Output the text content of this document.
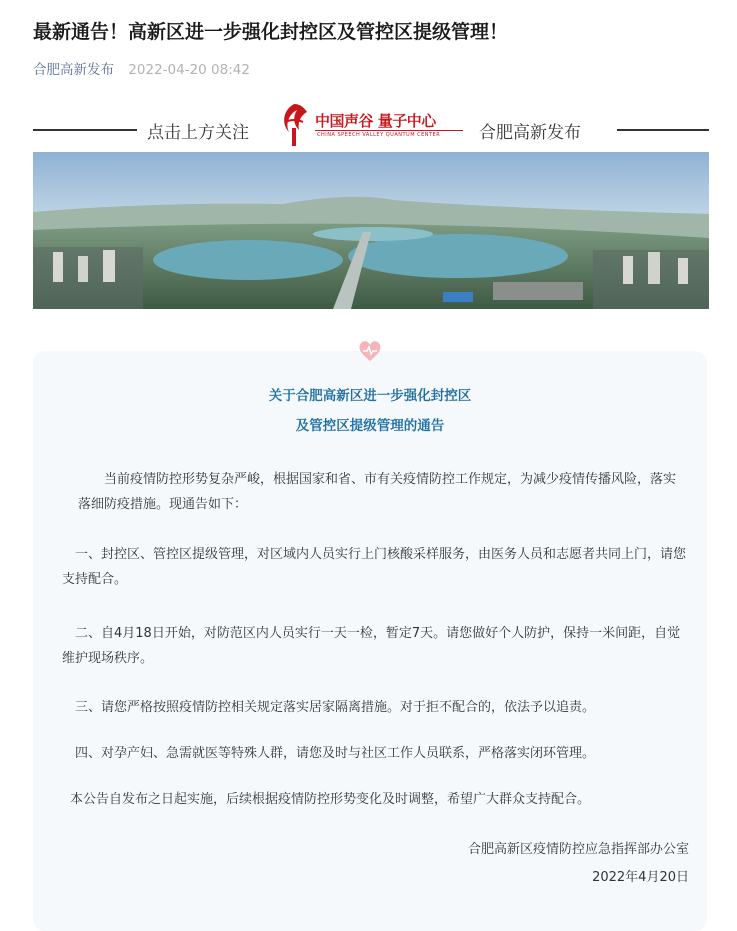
最新通告！高新区进一步强化封控区及管控区提级管理！
合肥高新发布 2022-04-20 08:42
点击上方关注
中国声谷 量子中心
CHINA SPEECH VALLEY QUANTUM CENTER 合肥高新发布
关于合肥高新区进一步强化封控区
及管控区提级管理的通告
当前疫情防控形势复杂严峻，根据国家和省、市有关疫情防控工作规定，为减少疫情传播风险，落实落细防疫措施。现通告如下：
一、封控区、管控区提级管理，对区域内人员实行上门核酸采样服务，由医务人员和志愿者共同上门，请您支持配合。
二、自4月18日开始，对防范区内人员实行一天一检，暂定7天。请您做好个人防护，保持一米间距，自觉维护现场秩序。
三、请您严格按照疫情防控相关规定落实居家隔离措施。对于拒不配合的，依法予以追责。
四、对孕产妇、急需就医等特殊人群，请您及时与社区工作人员联系，严格落实闭环管理。
本公告自发布之日起实施，后续根据疫情防控形势变化及时调整，希望广大群众支持配合。
合肥高新区疫情防控应急指挥部办公室
2022年4月20日
